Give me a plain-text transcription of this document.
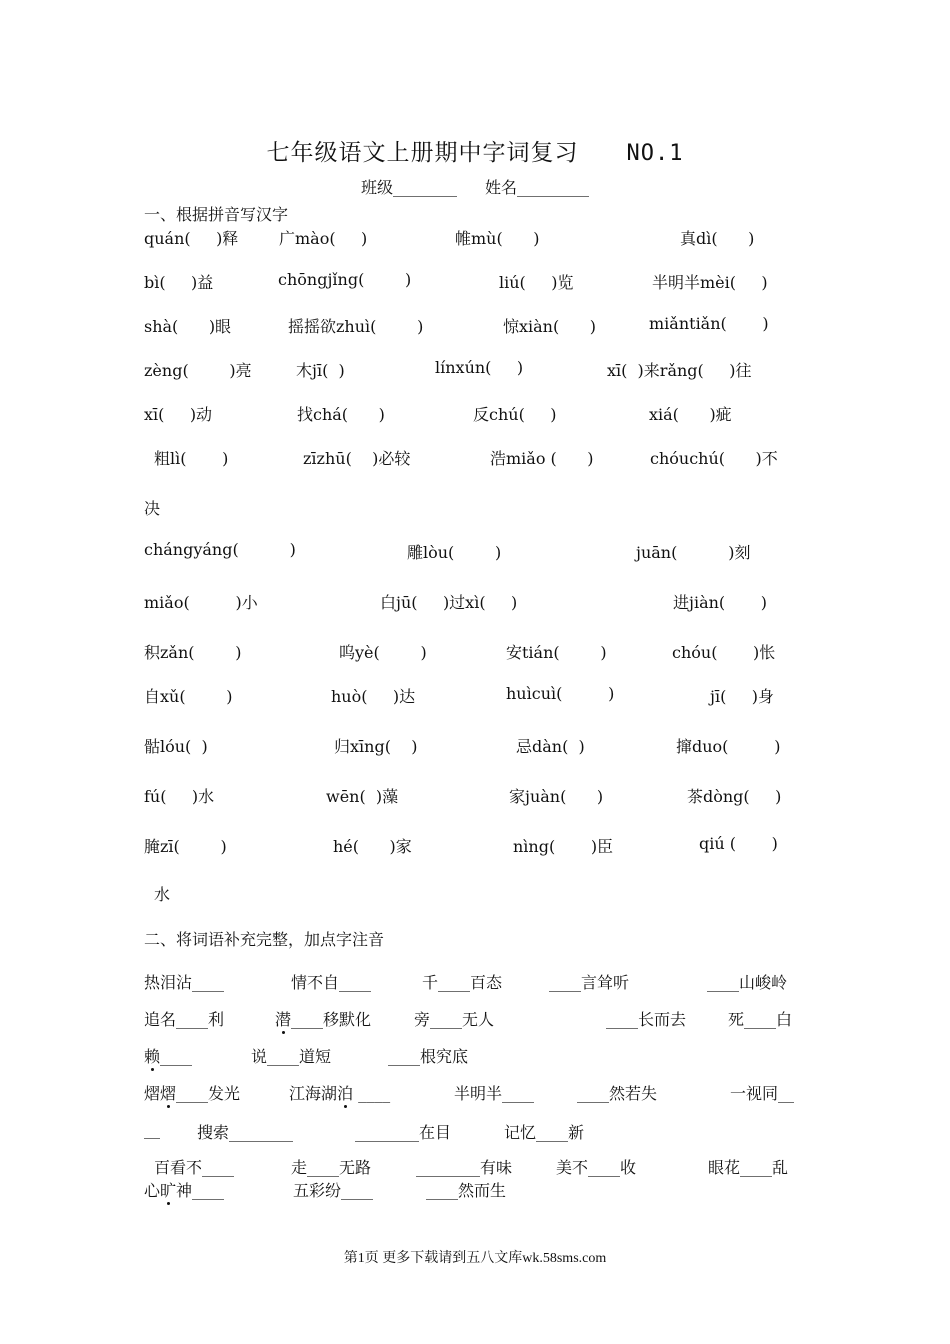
七年级语文上册期中字词复习 NO.1
班级________ 姓名_________
一、根据拼音写汉字
quán(     )释	广mào(     )	帷mù(      )	真dì(      )
bì(     )益	chōngjǐng(        )	liú(     )览	半明半mèi(     )
shà(      )眼	摇摇欲zhuì(        )	惊xiàn(      )	miǎntiǎn(       )
zèng(        )亮	木jī(  )	línxún(     )	xī(  )来rǎng(     )往
xī(     )动	找chá(      )	反chú(     )	xiá(      )疵
粗lì(       )	zīzhū(    )必较	浩miǎo (      )	chóuchú(      )不
决
chángyáng(          )	雕lòu(        )	juān(          )刻
miǎo(         )小	白jū(     )过xì(     )	进jiàn(       )
积zǎn(        )	呜yè(        )	安tián(        )	chóu(       )怅
自xǔ(        )	huò(     )达	huìcuì(         )	jī(     )身
骷lóu(  )	归xīng(    )	忌dàn(  )	撺duo(         )
fú(     )水	wēn(  )藻	家juàn(      )	茶dòng(     )
腌zī(        )	hé(      )家	nìng(       )臣	qiú (       )
水
二、将词语补充完整，加点字注音
热泪沾____	情不自____	千____百态	____言耸听	____山峻岭
追名____利	潜____移默化	旁____无人	____长而去	死____白
赖____	说____道短	____根究底
熠熠____发光	江海湖泊 ____	半明半____	____然若失	一视同__
__ 搜索________	________在目	记忆____新
百看不____	走____无路	________有味	美不____收	眼花____乱
心旷神____	五彩纷____	____然而生
第1页 更多下载请到五八文库wk.58sms.com
